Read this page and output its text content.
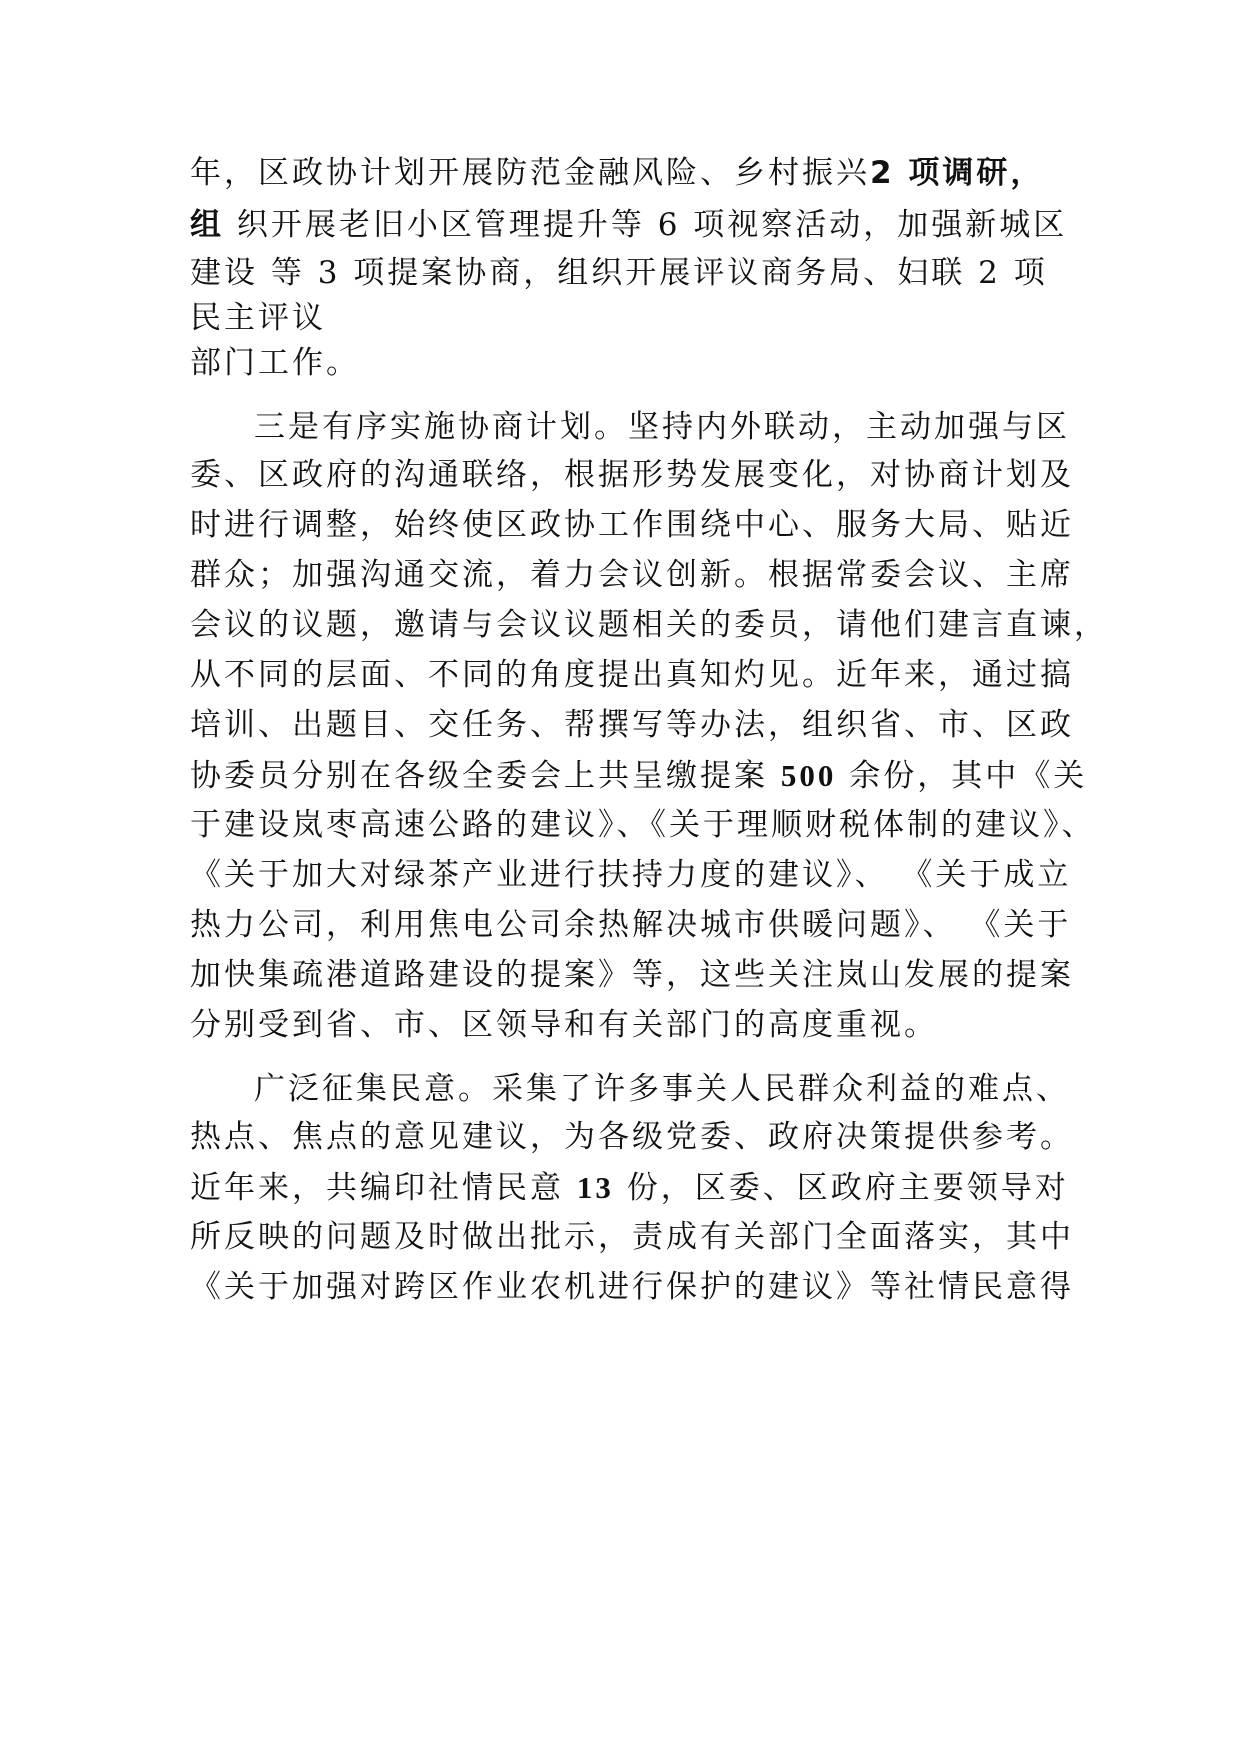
年，区政协计划开展防范金融风险、乡村振兴2 项调研，
组 织开展老旧小区管理提升等 6 项视察活动，加强新城区
建设 等 3 项提案协商，组织开展评议商务局、妇联 2 项
民主评议
部门工作。
三是有序实施协商计划。坚持内外联动，主动加强与区
委、区政府的沟通联络，根据形势发展变化，对协商计划及
时进行调整，始终使区政协工作围绕中心、服务大局、贴近
群众；加强沟通交流，着力会议创新。根据常委会议、主席
会议的议题，邀请与会议议题相关的委员，请他们建言直谏，
从不同的层面、不同的角度提出真知灼见。近年来，通过搞
培训、出题目、交任务、帮撰写等办法，组织省、市、区政
协委员分别在各级全委会上共呈缴提案 500 余份，其中《关
于建设岚枣高速公路的建议》、《关于理顺财税体制的建议》、
《关于加大对绿茶产业进行扶持力度的建议》、 《关于成立
热力公司，利用焦电公司余热解决城市供暖问题》、 《关于
加快集疏港道路建设的提案》等，这些关注岚山发展的提案
分别受到省、市、区领导和有关部门的高度重视。
广泛征集民意。采集了许多事关人民群众利益的难点、
热点、焦点的意见建议，为各级党委、政府决策提供参考。
近年来，共编印社情民意 13 份，区委、区政府主要领导对
所反映的问题及时做出批示，责成有关部门全面落实，其中
《关于加强对跨区作业农机进行保护的建议》等社情民意得
